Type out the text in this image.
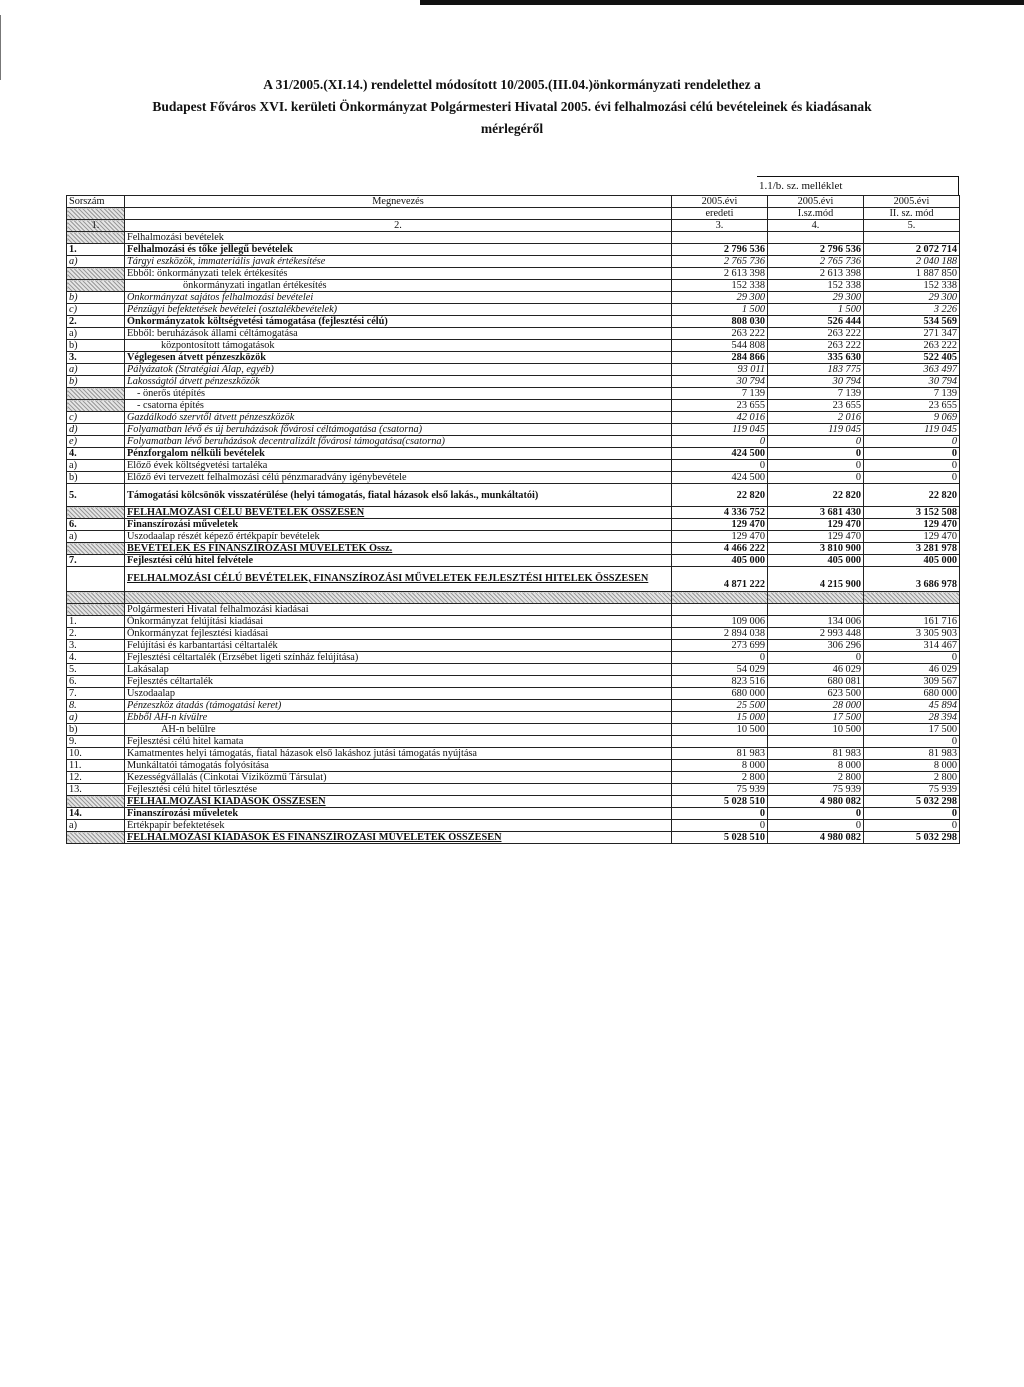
A 31/2005.(XI.14.) rendelettel módosított 10/2005.(III.04.)önkormányzati rendelethez a
Budapest Főváros XVI. kerületi Önkormányzat Polgármesteri Hivatal 2005. évi felhalmozási célú bevételeinek és kiadásanak
mérlegéről
1.1/b. sz. melléklet
Sorszám	Megnevezés	2005.évi	2005.évi	2005.évi
		eredeti	I.sz.mód	II. sz. mód
1.	2.	3.	4.	5.
	Felhalmozási bevételek			
1.	Felhalmozási és tőke jellegű bevételek	2 796 536	2 796 536	2 072 714
a)	Tárgyi eszközök, immateriális javak értékesítése	2 765 736	2 765 736	2 040 188
	Ebből: önkormányzati telek értékesítés	2 613 398	2 613 398	1 887 850
	önkormányzati ingatlan értékesítés	152 338	152 338	152 338
b)	Önkormányzat sajátos felhalmozási bevételei	29 300	29 300	29 300
c)	Pénzügyi befektetések bevételei (osztalékbevételek)	1 500	1 500	3 226
2.	Önkormányzatok költségvetési támogatása (fejlesztési célú)	808 030	526 444	534 569
a)	Ebből: beruházások állami céltámogatása	263 222	263 222	271 347
b)	központosított támogatások	544 808	263 222	263 222
3.	Véglegesen átvett pénzeszközök	284 866	335 630	522 405
a)	Pályázatok (Stratégiai Alap, egyéb)	93 011	183 775	363 497
b)	Lakosságtól átvett pénzeszközök	30 794	30 794	30 794
	- önerős útépítés	7 139	7 139	7 139
	- csatorna építés	23 655	23 655	23 655
c)	Gazdálkodó szervtől átvett pénzeszközök	42 016	2 016	9 069
d)	Folyamatban lévő és új beruházások fővárosi céltámogatása (csatorna)	119 045	119 045	119 045
e)	Folyamatban lévő beruházások decentralizált fővárosi támogatása(csatorna)	0	0	0
4.	Pénzforgalom nélküli bevételek	424 500	0	0
a)	Előző évek költségvetési tartaléka	0	0	0
b)	Előző évi tervezett felhalmozási célú pénzmaradvány igénybevétele	424 500	0	0
5.	Támogatási kölcsönök visszatérülése (helyi támogatás, fiatal házasok első lakás., munkáltatói)	22 820	22 820	22 820
	FELHALMOZÁSI CÉLÚ BEVÉTELEK ÖSSZESEN	4 336 752	3 681 430	3 152 508
6.	Finanszírozási műveletek	129 470	129 470	129 470
a)	Uszodaalap részét képező értékpapír bevételek	129 470	129 470	129 470
	BEVÉTELEK ÉS FINANSZÍROZÁSI MŰVELETEK Össz.	4 466 222	3 810 900	3 281 978
7.	Fejlesztési célú hitel felvétele	405 000	405 000	405 000
	FELHALMOZÁSI CÉLÚ BEVÉTELEK, FINANSZÍROZÁSI MŰVELETEK FEJLESZTÉSI HITELEK ÖSSZESEN	4 871 222	4 215 900	3 686 978

	Polgármesteri Hivatal felhalmozási kiadásai			
1.	Önkormányzat felújítási kiadásai	109 006	134 006	161 716
2.	Önkormányzat fejlesztési kiadásai	2 894 038	2 993 448	3 305 903
3.	Felújítási és karbantartási céltartalék	273 699	306 296	314 467
4.	Fejlesztési céltartalék (Erzsébet ligeti színház felújítása)	0	0	0
5.	Lakásalap	54 029	46 029	46 029
6.	Fejlesztés céltartalék	823 516	680 081	309 567
7.	Uszodaalap	680 000	623 500	680 000
8.	Pénzeszköz átadás (támogatási keret)	25 500	28 000	45 894
a)	Ebből ÁH-n kívülre	15 000	17 500	28 394
b)	ÁH-n belülre	10 500	10 500	17 500
9.	Fejlesztési célú hitel kamata			0
10.	Kamatmentes helyi támogatás, fiatal házasok első lakáshoz jutási támogatás nyújtása	81 983	81 983	81 983
11.	Munkáltatói támogatás folyósítása	8 000	8 000	8 000
12.	Kezességvállalás (Cinkotai Víziközmű Társulat)	2 800	2 800	2 800
13.	Fejlesztési célú hitel törlesztése	75 939	75 939	75 939
	FELHALMOZÁSI KIADÁSOK ÖSSZESEN	5 028 510	4 980 082	5 032 298
14.	Finanszírozási műveletek	0	0	0
a)	Értékpapír befektetések	0	0	0
	FELHALMOZÁSI KIADÁSOK ÉS FINANSZÍROZÁSI MŰVELETEK ÖSSZESEN	5 028 510	4 980 082	5 032 298
